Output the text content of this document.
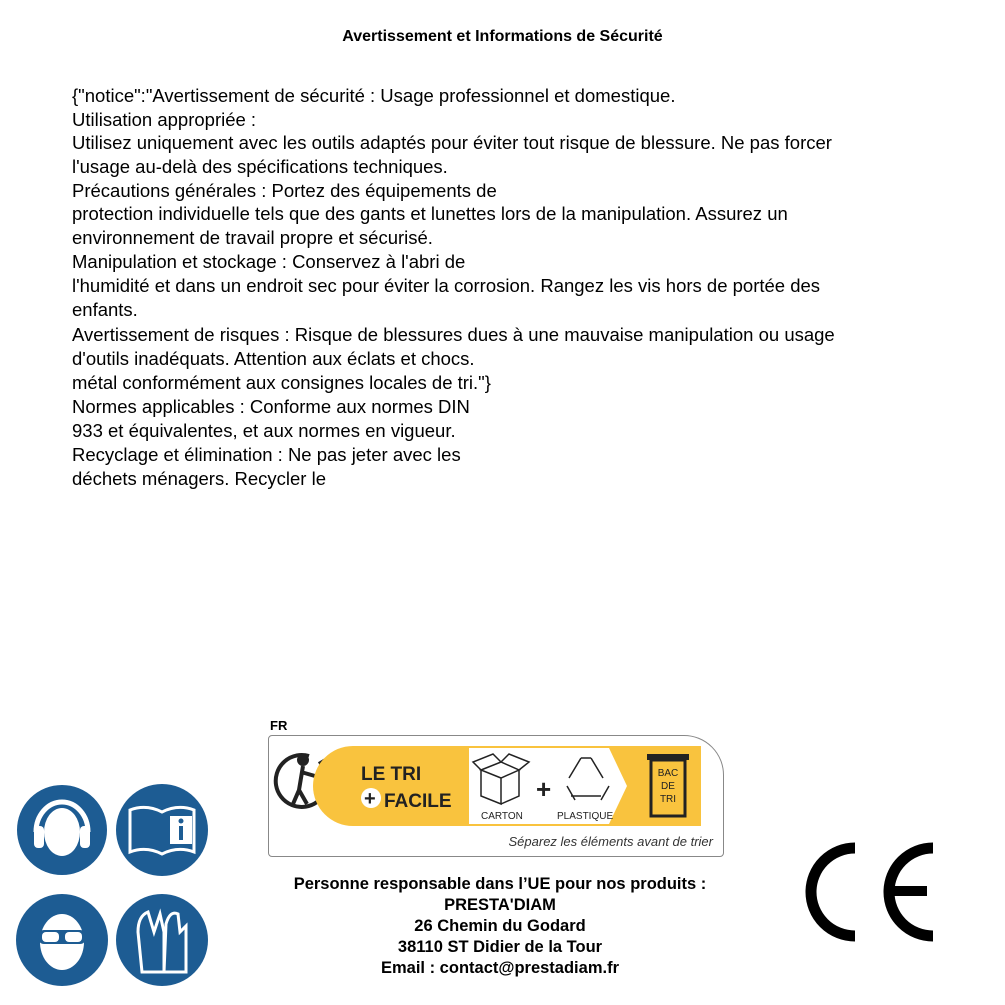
Avertissement et Informations de Sécurité
{"notice":"Avertissement de sécurité : Usage professionnel et domestique.
Utilisation appropriée :
Utilisez uniquement avec les outils adaptés pour éviter tout risque de blessure. Ne pas forcer
l'usage au-delà des spécifications techniques.
Précautions générales : Portez des équipements de
protection individuelle tels que des gants et lunettes lors de la manipulation. Assurez un
environnement de travail propre et sécurisé.
Manipulation et stockage : Conservez à l'abri de
l'humidité et dans un endroit sec pour éviter la corrosion. Rangez les vis hors de portée des
enfants.
Avertissement de risques : Risque de blessures dues à une mauvaise manipulation ou usage
d'outils inadéquats. Attention aux éclats et chocs.
métal conformément aux consignes locales de tri."}
Normes applicables : Conforme aux normes DIN
933 et équivalentes, et aux normes en vigueur.
Recyclage et élimination : Ne pas jeter avec les
déchets ménagers. Recycler le
FR
LE TRI
+ FACILE
CARTON
+
PLASTIQUE
BAC
DE
TRI
Séparez les éléments avant de trier
Personne responsable dans l’UE pour nos produits :
PRESTA'DIAM
26 Chemin du Godard
38110 ST Didier de la Tour
Email : contact@prestadiam.fr
